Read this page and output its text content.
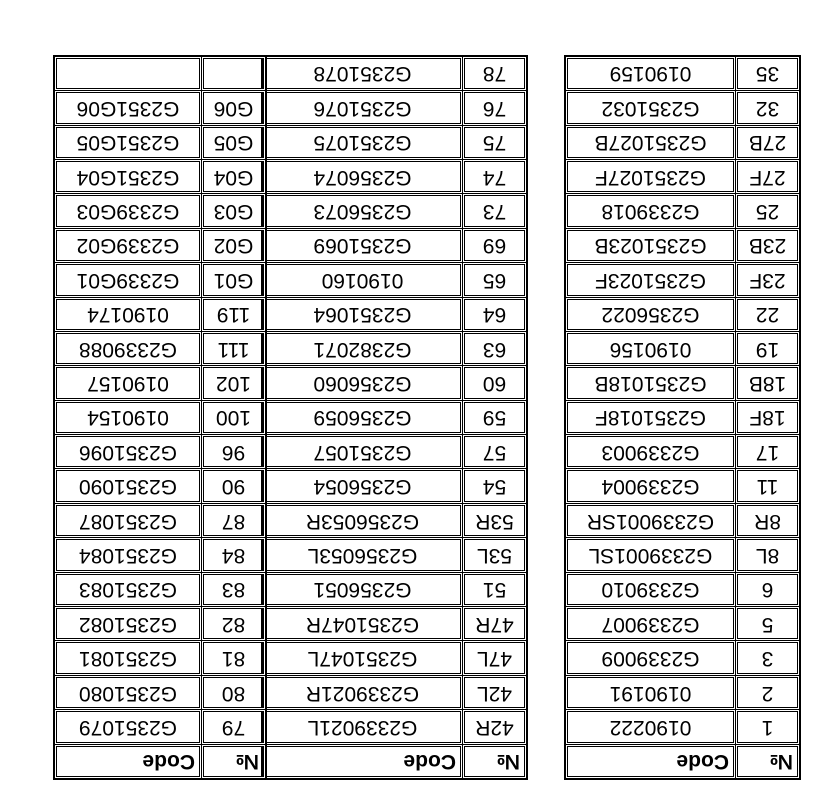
№	Code
1	0190222
2	0190191
3	G2339009
5	G2339007
6	G2339010
8L	G2339001SL
8R	G2339001SR
11	G2339004
17	G2339003
18F	G2351018F
18B	G2351018B
19	0190156
22	G2356022
23F	G2351023F
23B	G2351023B
25	G2339018
27F	G2351027F
27B	G2351027B
32	G2351032
35	0190159
№	Code
42R	G2339021L
42L	G2339021R
47L	G2351047L
47R	G2351047R
51	G2356051
53L	G2356053L
53R	G2356053R
54	G2356054
57	G2351057
59	G2356059
60	G2356060
63	G2382071
64	G2351064
65	0190160
69	G2351069
73	G2356073
74	G2356074
75	G2351075
76	G2351076
78	G2351078
№	Code
79	G2351079
80	G2351080
81	G2351081
82	G2351082
83	G2351083
84	G2351084
87	G2351087
90	G2351090
96	G2351096
100	0190154
102	0190157
111	G2339088
119	0190174
G01	G2339G01
G02	G2339G02
G03	G2339G03
G04	G2351G04
G05	G2351G05
G06	G2351G06
